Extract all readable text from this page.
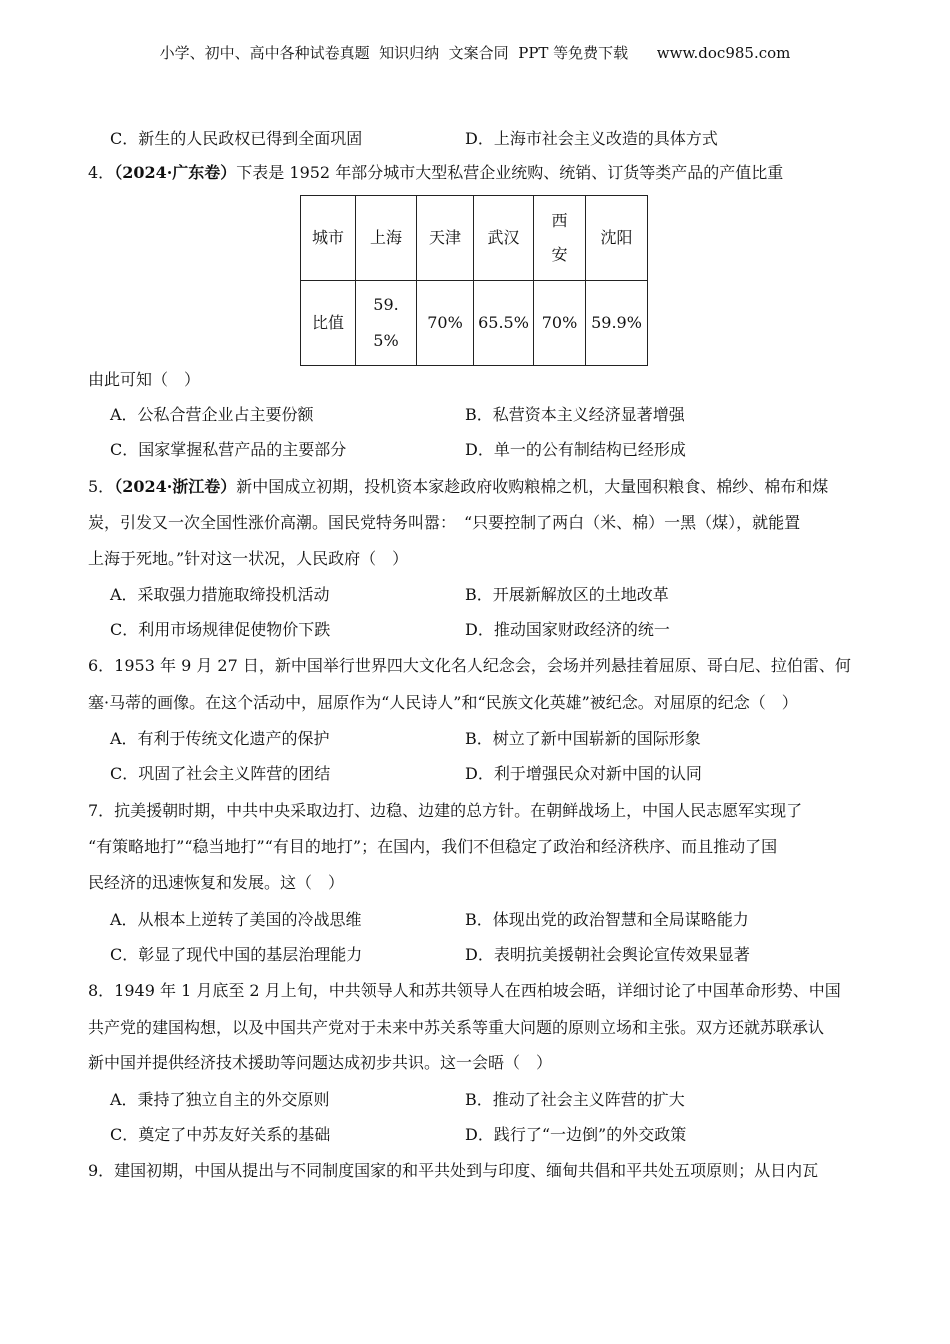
小学、初中、高中各种试卷真题  知识归纳  文案合同  PPT 等免费下载 www.doc985.com
C．新生的人民政权已得到全面巩固	D．上海市社会主义改造的具体方式
4．（2024·广东卷）下表是 1952 年部分城市大型私营企业统购、统销、订货等类产品的产值比重
城市	上海	天津	武汉	西安	沈阳
比值	59.5%	70%	65.5%	70%	59.9%
由此可知（　）
A．公私合营企业占主要份额	B．私营资本主义经济显著增强
C．国家掌握私营产品的主要部分	D．单一的公有制结构已经形成
5．（2024·浙江卷）新中国成立初期，投机资本家趁政府收购粮棉之机，大量囤积粮食、棉纱、棉布和煤
炭，引发又一次全国性涨价高潮。国民党特务叫嚣：　“只要控制了两白（米、棉）一黑（煤），就能置
上海于死地。”针对这一状况，人民政府（　）
A．采取强力措施取缔投机活动	B．开展新解放区的土地改革
C．利用市场规律促使物价下跌	D．推动国家财政经济的统一
6．1953 年 9 月 27 日，新中国举行世界四大文化名人纪念会，会场并列悬挂着屈原、哥白尼、拉伯雷、何
塞·马蒂的画像。在这个活动中，屈原作为“人民诗人”和“民族文化英雄”被纪念。对屈原的纪念（　）
A．有利于传统文化遗产的保护	B．树立了新中国崭新的国际形象
C．巩固了社会主义阵营的团结	D．利于增强民众对新中国的认同
7．抗美援朝时期，中共中央采取边打、边稳、边建的总方针。在朝鲜战场上，中国人民志愿军实现了
“有策略地打”“稳当地打”“有目的地打”；在国内，我们不但稳定了政治和经济秩序、而且推动了国
民经济的迅速恢复和发展。这（　）
A．从根本上逆转了美国的冷战思维	B．体现出党的政治智慧和全局谋略能力
C．彰显了现代中国的基层治理能力	D．表明抗美援朝社会舆论宣传效果显著
8．1949 年 1 月底至 2 月上旬，中共领导人和苏共领导人在西柏坡会晤，详细讨论了中国革命形势、中国
共产党的建国构想，以及中国共产党对于未来中苏关系等重大问题的原则立场和主张。双方还就苏联承认
新中国并提供经济技术援助等问题达成初步共识。这一会晤（　）
A．秉持了独立自主的外交原则	B．推动了社会主义阵营的扩大
C．奠定了中苏友好关系的基础	D．践行了“一边倒”的外交政策
9．建国初期，中国从提出与不同制度国家的和平共处到与印度、缅甸共倡和平共处五项原则；从日内瓦
